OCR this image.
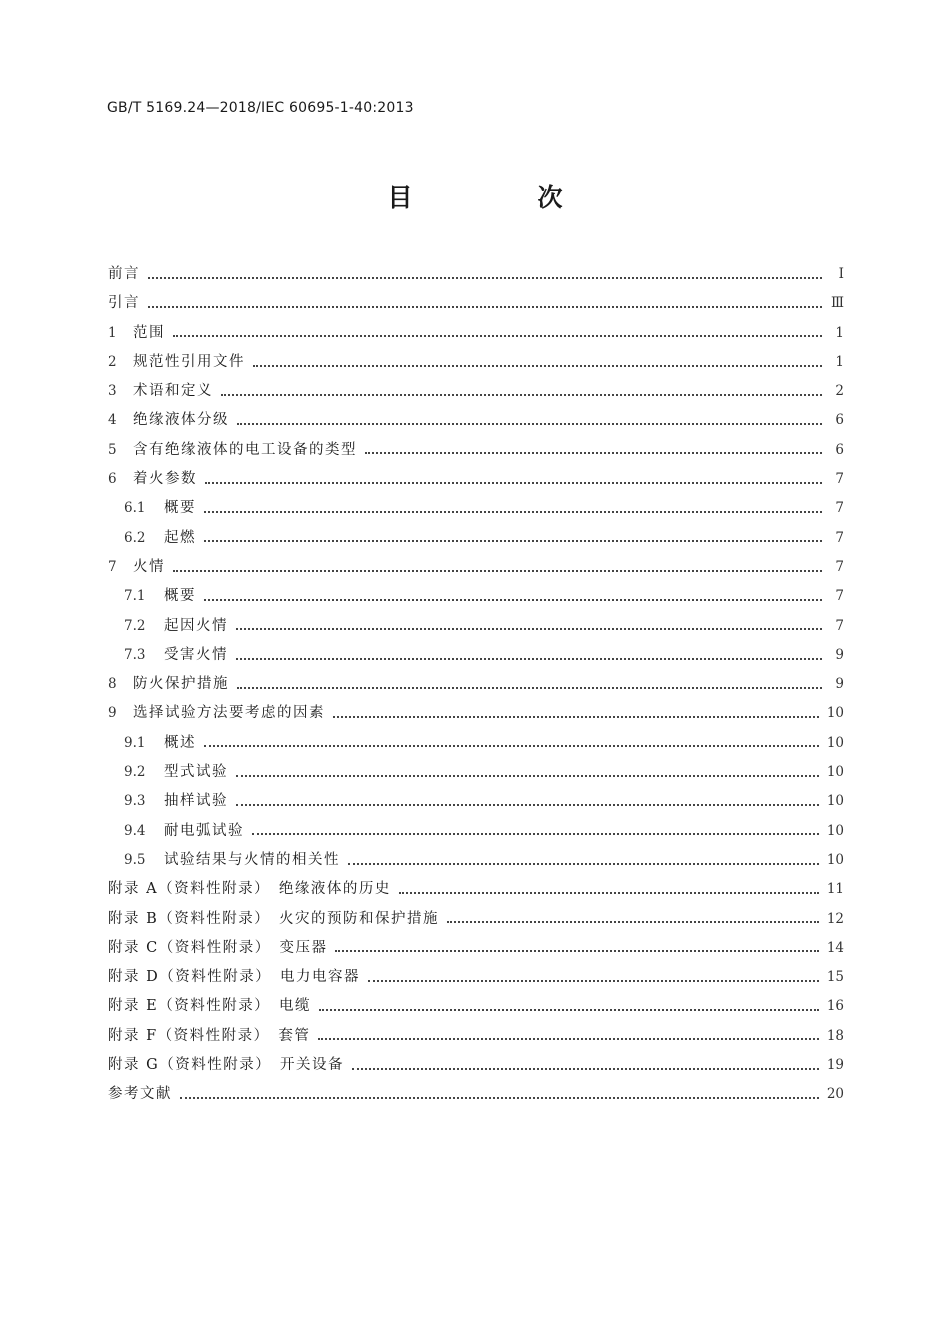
GB/T 5169.24—2018/IEC 60695-1-40:2013
目　次
前言	Ⅰ
引言	Ⅲ
1	范围	1
2	规范性引用文件	1
3	术语和定义	2
4	绝缘液体分级	6
5	含有绝缘液体的电工设备的类型	6
6	着火参数	7
6.1	概要	7
6.2	起燃	7
7	火情	7
7.1	概要	7
7.2	起因火情	7
7.3	受害火情	9
8	防火保护措施	9
9	选择试验方法要考虑的因素	10
9.1	概述	10
9.2	型式试验	10
9.3	抽样试验	10
9.4	耐电弧试验	10
9.5	试验结果与火情的相关性	10
附录 A（资料性附录）　绝缘液体的历史	11
附录 B（资料性附录）　火灾的预防和保护措施	12
附录 C（资料性附录）　变压器	14
附录 D（资料性附录）　电力电容器	15
附录 E（资料性附录）　电缆	16
附录 F（资料性附录）　套管	18
附录 G（资料性附录）　开关设备	19
参考文献	20
